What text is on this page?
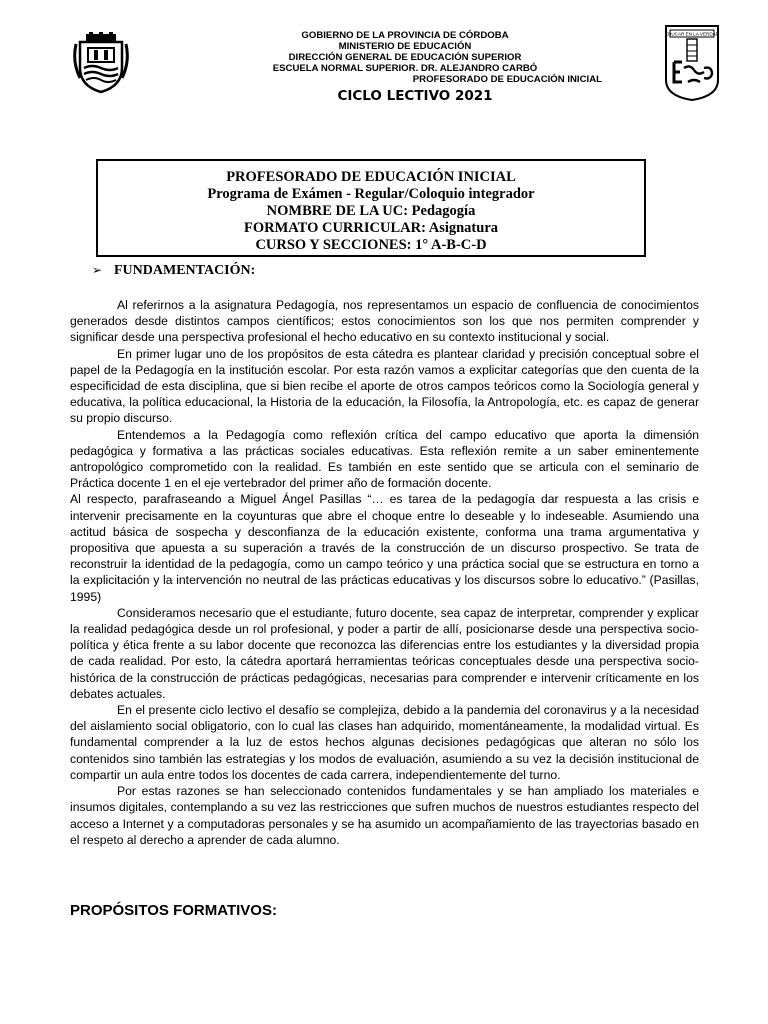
GOBIERNO DE LA PROVINCIA DE CÓRDOBA
MINISTERIO DE EDUCACIÓN
DIRECCIÓN GENERAL DE EDUCACIÓN SUPERIOR
ESCUELA NORMAL SUPERIOR. DR. ALEJANDRO CARBÓ
PROFESORADO DE EDUCACIÓN INICIAL
CICLO LECTIVO 2021
EDUCAR EN LA VERDAD
PROFESORADO DE EDUCACIÓN INICIAL
Programa de Exámen - Regular/Coloquio integrador
NOMBRE DE LA UC: Pedagogía
FORMATO CURRICULAR: Asignatura
CURSO Y SECCIONES: 1° A-B-C-D
➢ FUNDAMENTACIÓN:

Al referirnos a la asignatura Pedagogía, nos representamos un espacio de confluencia de conocimientos generados desde distintos campos científicos; estos conocimientos son los que nos permiten comprender y significar desde una perspectiva profesional el hecho educativo en su contexto institucional y social.

En primer lugar uno de los propósitos de esta cátedra es plantear claridad y precisión conceptual sobre el papel de la Pedagogía en la institución escolar. Por esta razón vamos a explicitar categorías que den cuenta de la especificidad de esta disciplina, que si bien recibe el aporte de otros campos teóricos como la Sociología general y educativa, la política educacional, la Historia de la educación, la Filosofía, la Antropología, etc. es capaz de generar su propio discurso.

Entendemos a la Pedagogía como reflexión crítica del campo educativo que aporta la dimensión pedagógica y formativa a las prácticas sociales educativas. Esta reflexión remite a un saber eminentemente antropológico comprometido con la realidad. Es también en este sentido que se articula con el seminario de Práctica docente 1 en el eje vertebrador del primer año de formación docente.

Al respecto, parafraseando a Miguel Ángel Pasillas “… es tarea de la pedagogía dar respuesta a las crisis e intervenir precisamente en la coyunturas que abre el choque entre lo deseable y lo indeseable. Asumiendo una actitud básica de sospecha y desconfianza de la educación existente, conforma una trama argumentativa y propositiva que apuesta a su superación a través de la construcción de un discurso prospectivo. Se trata de reconstruir la identidad de la pedagogía, como un campo teórico y una práctica social que se estructura en torno a la explicitación y la intervención no neutral de las prácticas educativas y los discursos sobre lo educativo.” (Pasillas, 1995)

Consideramos necesario que el estudiante, futuro docente, sea capaz de interpretar, comprender y explicar la realidad pedagógica desde un rol profesional, y poder a partir de allí, posicionarse desde una perspectiva socio-política y ética frente a su labor docente que reconozca las diferencias entre los estudiantes y la diversidad propia de cada realidad. Por esto, la cátedra aportará herramientas teóricas conceptuales desde una perspectiva socio-histórica de la construcción de prácticas pedagógicas, necesarias para comprender e intervenir críticamente en los debates actuales.

En el presente ciclo lectivo el desafío se complejiza, debido a la pandemia del coronavirus y a la necesidad del aislamiento social obligatorio, con lo cual las clases han adquirido, momentáneamente, la modalidad virtual. Es fundamental comprender a la luz de estos hechos algunas decisiones pedagógicas que alteran no sólo los contenidos sino también las estrategias y los modos de evaluación, asumiendo a su vez la decisión institucional de compartir un aula entre todos los docentes de cada carrera, independientemente del turno.

Por estas razones se han seleccionado contenidos fundamentales y se han ampliado los materiales e insumos digitales, contemplando a su vez las restricciones que sufren muchos de nuestros estudiantes respecto del acceso a Internet y a computadoras personales y se ha asumido un acompañamiento de las trayectorias basado en el respeto al derecho a aprender de cada alumno.

PROPÓSITOS FORMATIVOS:
